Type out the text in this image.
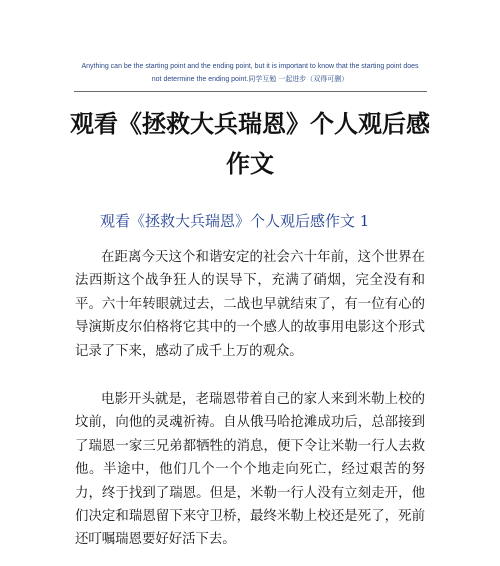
Anything can be the starting point and the ending point, but it is important to know that the starting point does
not determine the ending point.同学互勉 一起进步（双得可删）
观看《拯救大兵瑞恩》个人观后感作文
观看《拯救大兵瑞恩》个人观后感作文 1

在距离今天这个和谐安定的社会六十年前，这个世界在法西斯这个战争狂人的误导下，充满了硝烟，完全没有和平。六十年转眼就过去，二战也早就结束了，有一位有心的导演斯皮尔伯格将它其中的一个感人的故事用电影这个形式记录了下来，感动了成千上万的观众。

电影开头就是，老瑞恩带着自己的家人来到米勒上校的坟前，向他的灵魂祈祷。自从俄马哈抢滩成功后，总部接到了瑞恩一家三兄弟都牺牲的消息，便下令让米勒一行人去救他。半途中，他们几个一个个地走向死亡，经过艰苦的努力，终于找到了瑞恩。但是，米勒一行人没有立刻走开，他们决定和瑞恩留下来守卫桥，最终米勒上校还是死了，死前还叮嘱瑞恩要好好活下去。
